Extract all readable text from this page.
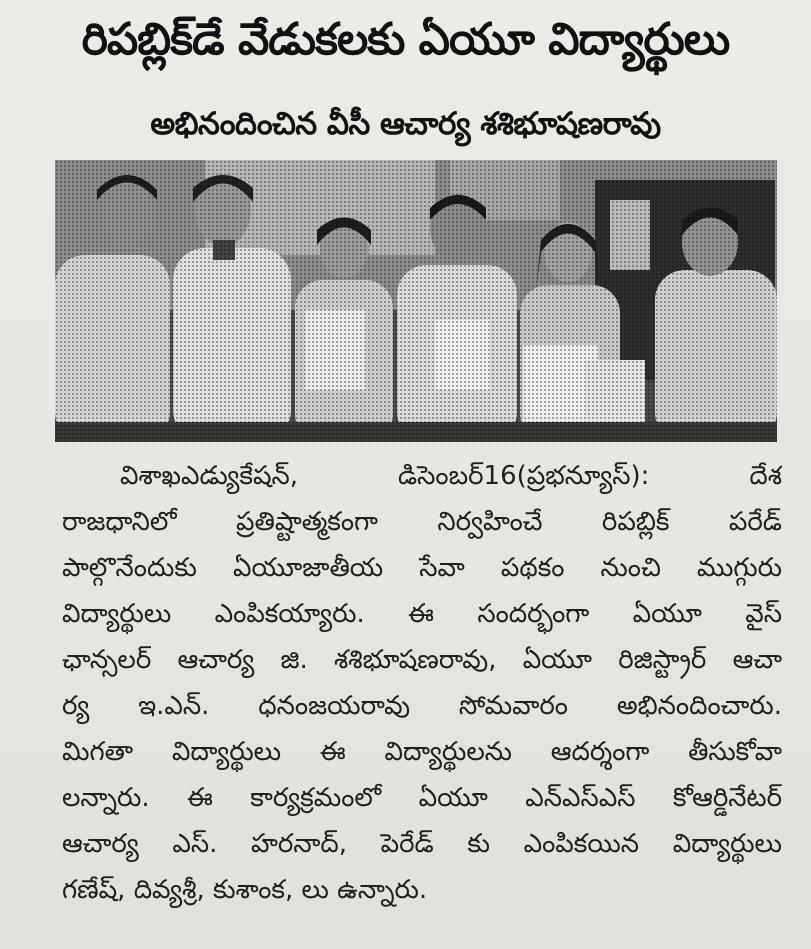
రిపబ్లిక్‌డే వేడుకలకు ఏయూ విద్యార్థులు
అభినందించిన వీసీ ఆచార్య శశిభూషణరావు
విశాఖఎడ్యుకేషన్, డిసెంబర్16(ప్రభన్యూస్): దేశ
రాజధానిలో ప్రతిష్టాత్మకంగా నిర్వహించే రిపబ్లిక్ పరేడ్
పాల్గొనేందుకు ఏయూజాతీయ సేవా పథకం నుంచి ముగ్గురు
విద్యార్థులు ఎంపికయ్యారు. ఈ సందర్భంగా ఏయూ వైస్
ఛాన్సలర్ ఆచార్య జి. శశిభూషణరావు, ఏయూ రిజిస్ట్రార్ ఆచా
ర్య ఇ.ఎన్. ధనంజయరావు సోమవారం అభినందించారు.
మిగతా విద్యార్థులు ఈ విద్యార్థులను ఆదర్శంగా తీసుకోవా
లన్నారు. ఈ కార్యక్రమంలో ఏయూ ఎన్ఎస్ఎస్ కోఆర్డినేటర్
ఆచార్య ఎస్. హరనాద్, పెరేడ్ కు ఎంపికయిన విద్యార్థులు
గణేష్, దివ్యశ్రీ, కుశాంక, లు ఉన్నారు.
